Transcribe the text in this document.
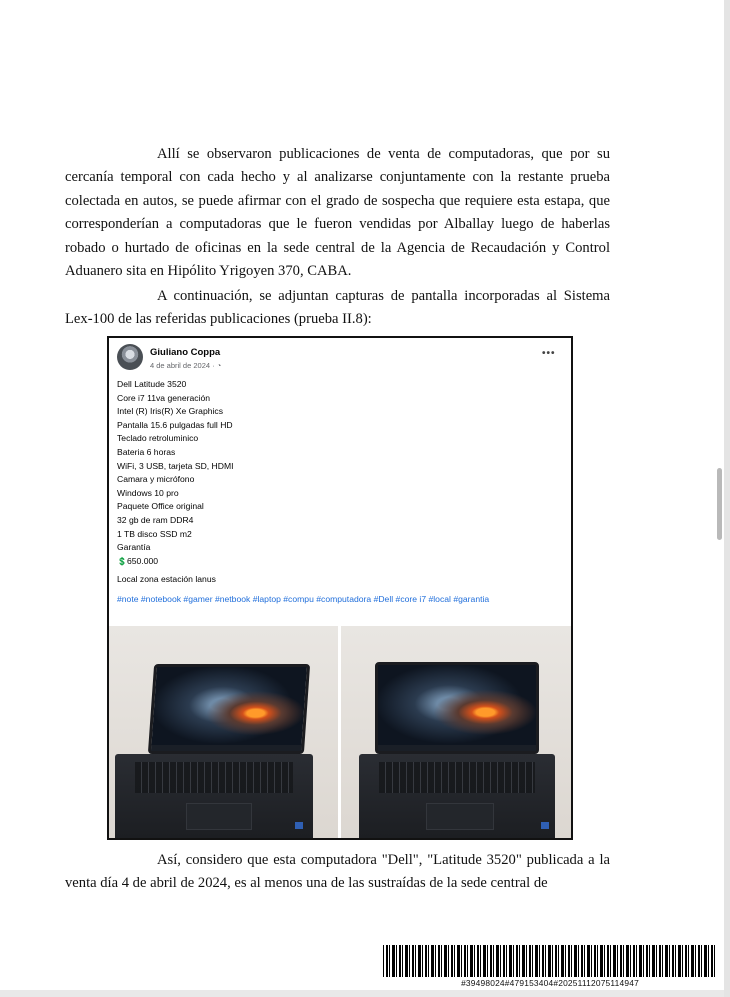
Allí se observaron publicaciones de venta de computadoras, que por su cercanía temporal con cada hecho y al analizarse conjuntamente con la restante prueba colectada en autos, se puede afirmar con el grado de sospecha que requiere esta estapa, que corresponderían a computadoras que le fueron vendidas por Alballay luego de haberlas robado o hurtado de oficinas en la sede central de la Agencia de Recaudación y Control Aduanero sita en Hipólito Yrigoyen 370, CABA.

A continuación, se adjuntan capturas de pantalla incorporadas al Sistema Lex-100 de las referidas publicaciones (prueba II.8):

Giuliano Coppa
4 de abril de 2024 · ◔
•••
Dell Latitude 3520
Core i7 11va generación
Intel (R) Iris(R) Xe Graphics
Pantalla 15.6 pulgadas full HD
Teclado retroluminico
Bateria 6 horas
WiFi, 3 USB, tarjeta SD, HDMI
Camara y micrófono
Windows 10 pro
Paquete Office original
32 gb de ram DDR4
1 TB disco SSD m2
Garantía
💲650.000
Local zona estación lanus
#note #notebook #gamer #netbook #laptop #compu #computadora #Dell #core i7 #local #garantia

Así, considero que esta computadora "Dell", "Latitude 3520" publicada a la venta día 4 de abril de 2024, es al menos una de las sustraídas de la sede central de

#39498024#479153404#20251112075114947
